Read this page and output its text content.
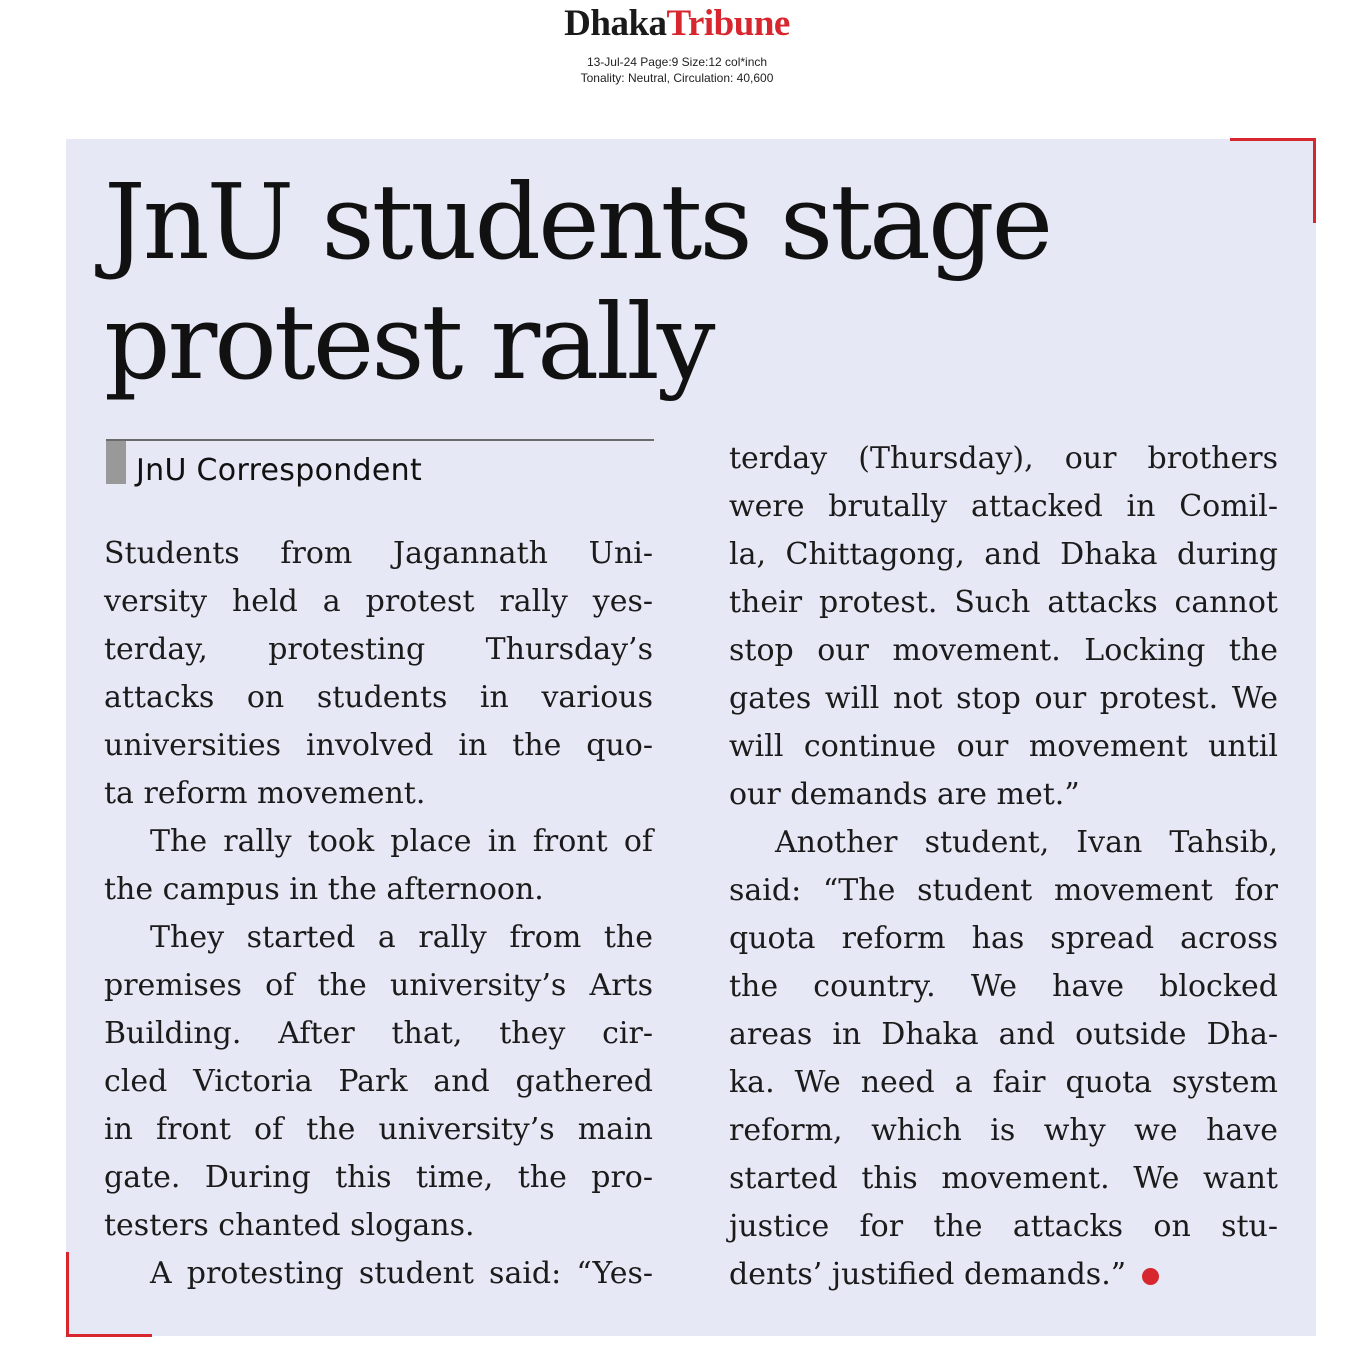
DhakaTribune
13-Jul-24 Page:9 Size:12 col*inch
Tonality: Neutral, Circulation: 40,600
JnU students stage
protest rally
JnU Correspondent
Students from Jagannath Uni-
versity held a protest rally yes-
terday, protesting Thursday’s
attacks on students in various
universities involved in the quo-
ta reform movement.
The rally took place in front of
the campus in the afternoon.
They started a rally from the
premises of the university’s Arts
Building. After that, they cir-
cled Victoria Park and gathered
in front of the university’s main
gate. During this time, the pro-
testers chanted slogans.
A protesting student said: “Yes-
terday (Thursday), our brothers
were brutally attacked in Comil-
la, Chittagong, and Dhaka during
their protest. Such attacks cannot
stop our movement. Locking the
gates will not stop our protest. We
will continue our movement until
our demands are met.”
Another student, Ivan Tahsib,
said: “The student movement for
quota reform has spread across
the country. We have blocked
areas in Dhaka and outside Dha-
ka. We need a fair quota system
reform, which is why we have
started this movement. We want
justice for the attacks on stu-
dents’ justified demands.”
